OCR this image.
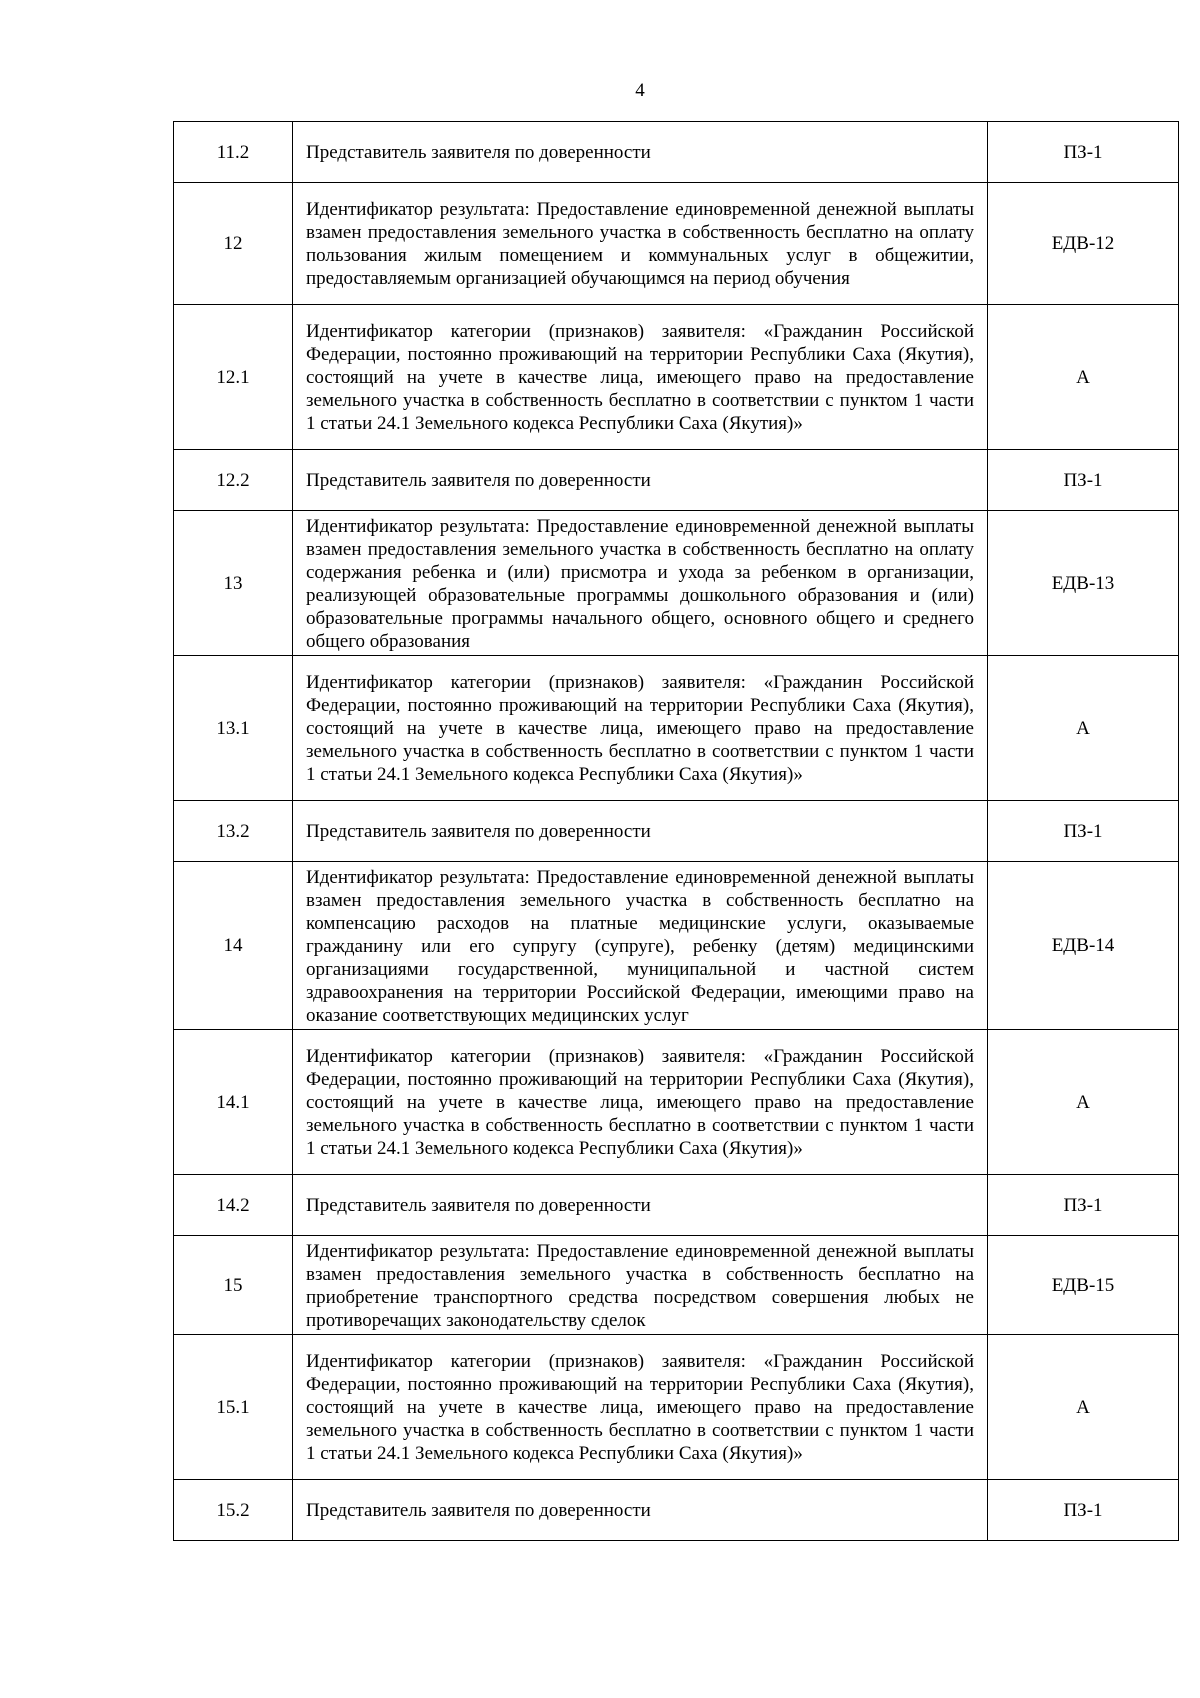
4
11.2	Представитель заявителя по доверенности	ПЗ-1
12	Идентификатор результата: Предоставление единовременной денежной выплаты взамен предоставления земельного участка в собственность бесплатно на оплату пользования жилым помещением и коммунальных услуг в общежитии, предоставляемым организацией обучающимся на период обучения	ЕДВ-12
12.1	Идентификатор категории (признаков) заявителя: «Гражданин Российской Федерации, постоянно проживающий на территории Республики Саха (Якутия), состоящий на учете в качестве лица, имеющего право на предоставление земельного участка в собственность бесплатно в соответствии с пунктом 1 части 1 статьи 24.1 Земельного кодекса Республики Саха (Якутия)»	А
12.2	Представитель заявителя по доверенности	ПЗ-1
13	Идентификатор результата: Предоставление единовременной денежной выплаты взамен предоставления земельного участка в собственность бесплатно на оплату содержания ребенка и (или) присмотра и ухода за ребенком в организации, реализующей образовательные программы дошкольного образования и (или) образовательные программы начального общего, основного общего и среднего общего образования	ЕДВ-13
13.1	Идентификатор категории (признаков) заявителя: «Гражданин Российской Федерации, постоянно проживающий на территории Республики Саха (Якутия), состоящий на учете в качестве лица, имеющего право на предоставление земельного участка в собственность бесплатно в соответствии с пунктом 1 части 1 статьи 24.1 Земельного кодекса Республики Саха (Якутия)»	А
13.2	Представитель заявителя по доверенности	ПЗ-1
14	Идентификатор результата: Предоставление единовременной денежной выплаты взамен предоставления земельного участка в собственность бесплатно на компенсацию расходов на платные медицинские услуги, оказываемые гражданину или его супругу (супруге), ребенку (детям) медицинскими организациями государственной, муниципальной и частной систем здравоохранения на территории Российской Федерации, имеющими право на оказание соответствующих медицинских услуг	ЕДВ-14
14.1	Идентификатор категории (признаков) заявителя: «Гражданин Российской Федерации, постоянно проживающий на территории Республики Саха (Якутия), состоящий на учете в качестве лица, имеющего право на предоставление земельного участка в собственность бесплатно в соответствии с пунктом 1 части 1 статьи 24.1 Земельного кодекса Республики Саха (Якутия)»	А
14.2	Представитель заявителя по доверенности	ПЗ-1
15	Идентификатор результата: Предоставление единовременной денежной выплаты взамен предоставления земельного участка в собственность бесплатно на приобретение транспортного средства посредством совершения любых не противоречащих законодательству сделок	ЕДВ-15
15.1	Идентификатор категории (признаков) заявителя: «Гражданин Российской Федерации, постоянно проживающий на территории Республики Саха (Якутия), состоящий на учете в качестве лица, имеющего право на предоставление земельного участка в собственность бесплатно в соответствии с пунктом 1 части 1 статьи 24.1 Земельного кодекса Республики Саха (Якутия)»	А
15.2	Представитель заявителя по доверенности	ПЗ-1
